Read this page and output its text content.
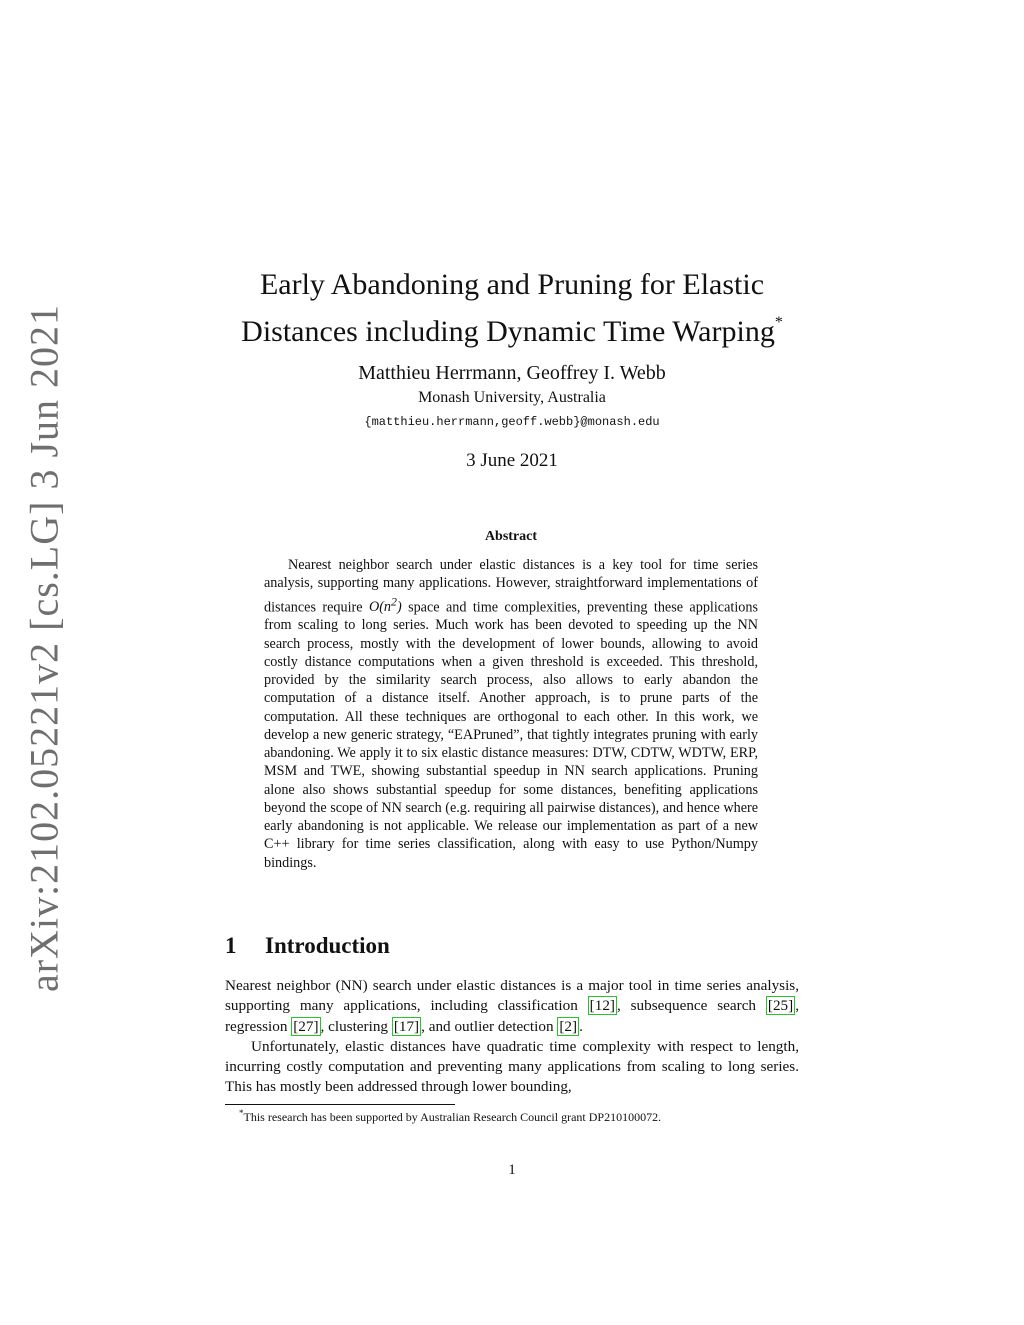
arXiv:2102.05221v2 [cs.LG] 3 Jun 2021
Early Abandoning and Pruning for Elastic
Distances including Dynamic Time Warping*
Matthieu Herrmann, Geoffrey I. Webb
Monash University, Australia
{matthieu.herrmann,geoff.webb}@monash.edu
3 June 2021
Abstract

Nearest neighbor search under elastic distances is a key tool for time series analysis, supporting many applications. However, straightforward implementations of distances require $O(n^2)$ space and time complexities, preventing these applications from scaling to long series. Much work has been devoted to speeding up the NN search process, mostly with the development of lower bounds, allowing to avoid costly distance computations when a given threshold is exceeded. This threshold, provided by the similarity search process, also allows to early abandon the computation of a distance itself. Another approach, is to prune parts of the computation. All these techniques are orthogonal to each other. In this work, we develop a new generic strategy, “EAPruned”, that tightly integrates pruning with early abandoning. We apply it to six elastic distance measures: DTW, CDTW, WDTW, ERP, MSM and TWE, showing substantial speedup in NN search applications. Pruning alone also shows substantial speedup for some distances, benefiting applications beyond the scope of NN search (e.g. requiring all pairwise distances), and hence where early abandoning is not applicable. We release our implementation as part of a new C++ library for time series classification, along with easy to use Python/Numpy bindings.

1 Introduction

Nearest neighbor (NN) search under elastic distances is a major tool in time series analysis, supporting many applications, including classification [12] , subsequence search [25] , regression [27] , clustering [17] , and outlier detection [2] .

Unfortunately, elastic distances have quadratic time complexity with respect to length, incurring costly computation and preventing many applications from scaling to long series. This has mostly been addressed through lower bounding,

*This research has been supported by Australian Research Council grant DP210100072.
1
